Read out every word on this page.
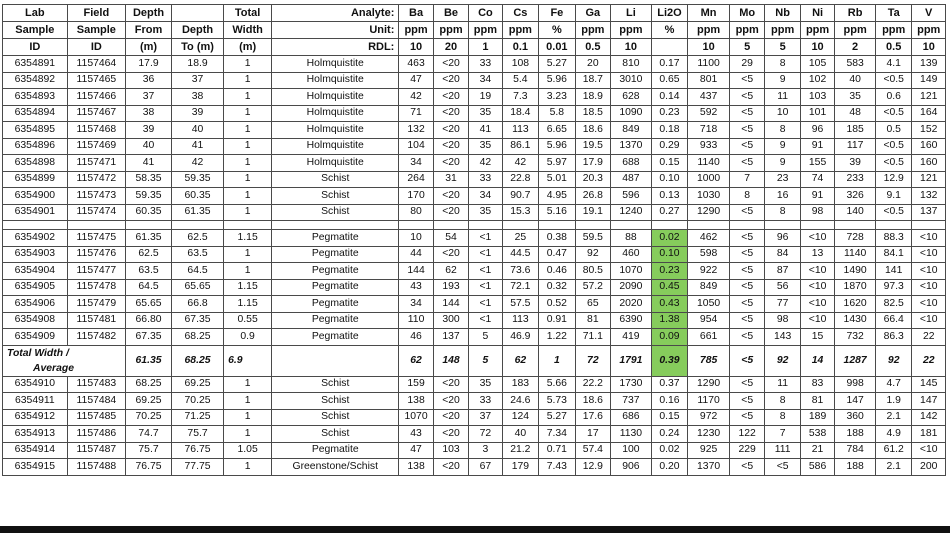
Lab	Field	Depth		Total	Analyte:	Ba	Be	Co	Cs	Fe	Ga	Li	Li2O	Mn	Mo	Nb	Ni	Rb	Ta	V
Sample	Sample	From	Depth	Width	Unit:	ppm	ppm	ppm	ppm	%	ppm	ppm	%	ppm	ppm	ppm	ppm	ppm	ppm	ppm
ID	ID	(m)	To (m)	(m)	RDL:	10	20	1	0.1	0.01	0.5	10		10	5	5	10	2	0.5	10
6354891	1157464	17.9	18.9	1	Holmquistite	463	<20	33	108	5.27	20	810	0.17	1100	29	8	105	583	4.1	139
6354892	1157465	36	37	1	Holmquistite	47	<20	34	5.4	5.96	18.7	3010	0.65	801	<5	9	102	40	<0.5	149
6354893	1157466	37	38	1	Holmquistite	42	<20	19	7.3	3.23	18.9	628	0.14	437	<5	11	103	35	0.6	121
6354894	1157467	38	39	1	Holmquistite	71	<20	35	18.4	5.8	18.5	1090	0.23	592	<5	10	101	48	<0.5	164
6354895	1157468	39	40	1	Holmquistite	132	<20	41	113	6.65	18.6	849	0.18	718	<5	8	96	185	0.5	152
6354896	1157469	40	41	1	Holmquistite	104	<20	35	86.1	5.96	19.5	1370	0.29	933	<5	9	91	117	<0.5	160
6354898	1157471	41	42	1	Holmquistite	34	<20	42	42	5.97	17.9	688	0.15	1140	<5	9	155	39	<0.5	160
6354899	1157472	58.35	59.35	1	Schist	264	31	33	22.8	5.01	20.3	487	0.10	1000	7	23	74	233	12.9	121
6354900	1157473	59.35	60.35	1	Schist	170	<20	34	90.7	4.95	26.8	596	0.13	1030	8	16	91	326	9.1	132
6354901	1157474	60.35	61.35	1	Schist	80	<20	35	15.3	5.16	19.1	1240	0.27	1290	<5	8	98	140	<0.5	137

6354902	1157475	61.35	62.5	1.15	Pegmatite	10	54	<1	25	0.38	59.5	88	0.02	462	<5	96	<10	728	88.3	<10
6354903	1157476	62.5	63.5	1	Pegmatite	44	<20	<1	44.5	0.47	92	460	0.10	598	<5	84	13	1140	84.1	<10
6354904	1157477	63.5	64.5	1	Pegmatite	144	62	<1	73.6	0.46	80.5	1070	0.23	922	<5	87	<10	1490	141	<10
6354905	1157478	64.5	65.65	1.15	Pegmatite	43	193	<1	72.1	0.32	57.2	2090	0.45	849	<5	56	<10	1870	97.3	<10
6354906	1157479	65.65	66.8	1.15	Pegmatite	34	144	<1	57.5	0.52	65	2020	0.43	1050	<5	77	<10	1620	82.5	<10
6354908	1157481	66.80	67.35	0.55	Pegmatite	110	300	<1	113	0.91	81	6390	1.38	954	<5	98	<10	1430	66.4	<10
6354909	1157482	67.35	68.25	0.9	Pegmatite	46	137	5	46.9	1.22	71.1	419	0.09	661	<5	143	15	732	86.3	22

Total Width /
Average		61.35	68.25	6.9		62	148	5	62	1	72	1791	0.39	785	<5	92	14	1287	92	22
6354910	1157483	68.25	69.25	1	Schist	159	<20	35	183	5.66	22.2	1730	0.37	1290	<5	11	83	998	4.7	145
6354911	1157484	69.25	70.25	1	Schist	138	<20	33	24.6	5.73	18.6	737	0.16	1170	<5	8	81	147	1.9	147
6354912	1157485	70.25	71.25	1	Schist	1070	<20	37	124	5.27	17.6	686	0.15	972	<5	8	189	360	2.1	142
6354913	1157486	74.7	75.7	1	Schist	43	<20	72	40	7.34	17	1130	0.24	1230	122	7	538	188	4.9	181
6354914	1157487	75.7	76.75	1.05	Pegmatite	47	103	3	21.2	0.71	57.4	100	0.02	925	229	111	21	784	61.2	<10
6354915	1157488	76.75	77.75	1	Greenstone/Schist	138	<20	67	179	7.43	12.9	906	0.20	1370	<5	<5	586	188	2.1	200
